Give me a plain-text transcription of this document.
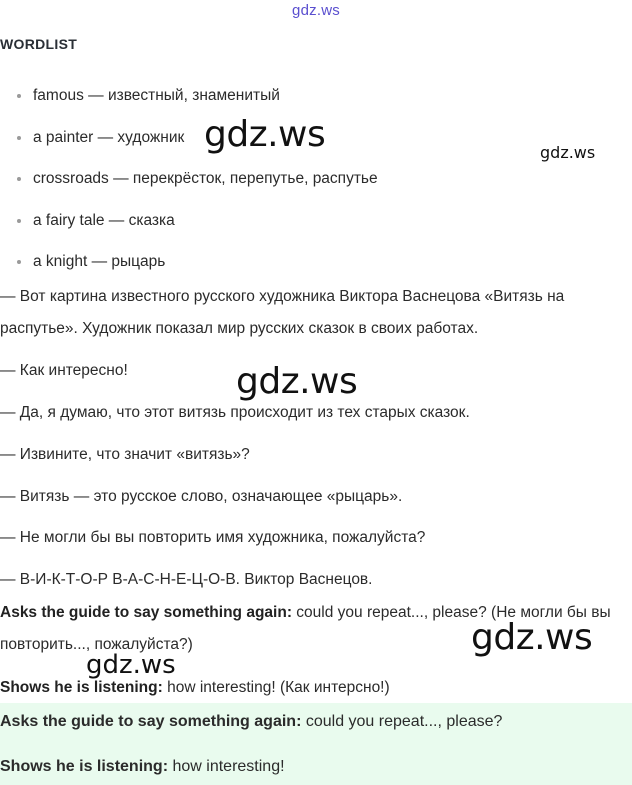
gdz.ws
WORDLIST
famous — известный, знаменитый
a painter — художник
crossroads — перекрёсток, перепутье, распутье
a fairy tale — сказка
a knight — рыцарь

— Вот картина известного русского художника Виктора Васнецова «Витязь на распутье». Художник показал мир русских сказок в своих работах.

— Как интересно!

— Да, я думаю, что этот витязь происходит из тех старых сказок.

— Извините, что значит «витязь»?

— Витязь — это русское слово, означающее «рыцарь».

— Не могли бы вы повторить имя художника, пожалуйста?

— В-И-К-Т-О-Р В-А-С-Н-Е-Ц-О-В. Виктор Васнецов.

Asks the guide to say something again: could you repeat..., please? (Не могли бы вы повторить..., пожалуйста?)

Shows he is listening: how interesting! (Как интерсно!)

Asks the guide to say something again: could you repeat..., please?
Shows he is listening: how interesting!
gdz.ws	gdz.ws
gdz.ws
gdz.ws
gdz.ws
